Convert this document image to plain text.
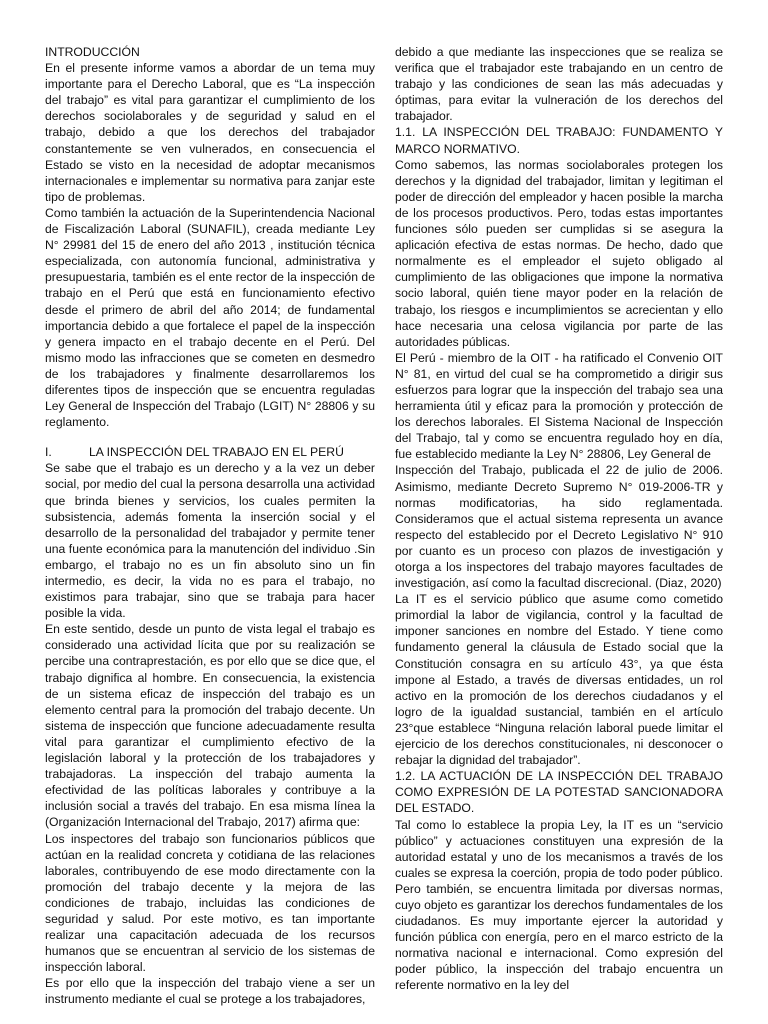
INTRODUCCIÓN

En el presente informe vamos a abordar de un tema muy importante para el Derecho Laboral, que es “La inspección del trabajo” es vital para garantizar el cumplimiento de los derechos sociolaborales y de seguridad y salud en el trabajo, debido a que los derechos del trabajador constantemente se ven vulnerados, en consecuencia el Estado se visto en la necesidad de adoptar mecanismos internacionales e implementar su normativa para zanjar este tipo de problemas.

Como también la actuación de la Superintendencia Nacional de Fiscalización Laboral (SUNAFIL), creada mediante Ley N° 29981 del 15 de enero del año 2013 , institución técnica especializada, con autonomía funcional, administrativa y presupuestaria, también es el ente rector de la inspección de trabajo en el Perú que está en funcionamiento efectivo desde el primero de abril del año 2014; de fundamental importancia debido a que fortalece el papel de la inspección y genera impacto en el trabajo decente en el Perú. Del mismo modo las infracciones que se cometen en desmedro de los trabajadores y finalmente desarrollaremos los diferentes tipos de inspección que se encuentra reguladas Ley General de Inspección del Trabajo (LGIT) N° 28806 y su reglamento.

I.	LA INSPECCIÓN DEL TRABAJO EN EL PERÚ

Se sabe que el trabajo es un derecho y a la vez un deber social, por medio del cual la persona desarrolla una actividad que brinda bienes y servicios, los cuales permiten la subsistencia, además fomenta la inserción social y el desarrollo de la personalidad del trabajador y permite tener una fuente económica para la manutención del individuo .Sin embargo, el trabajo no es un fin absoluto sino un fin intermedio, es decir, la vida no es para el trabajo, no existimos para trabajar, sino que se trabaja para hacer posible la vida.

En este sentido, desde un punto de vista legal el trabajo es considerado una actividad lícita que por su realización se percibe una contraprestación, es por ello que se dice que, el trabajo dignifica al hombre. En consecuencia, la existencia de un sistema eficaz de inspección del trabajo es un elemento central para la promoción del trabajo decente. Un sistema de inspección que funcione adecuadamente resulta vital para garantizar el cumplimiento efectivo de la legislación laboral y la protección de los trabajadores y trabajadoras. La inspección del trabajo aumenta la efectividad de las políticas laborales y contribuye a la inclusión social a través del trabajo. En esa misma línea la (Organización Internacional del Trabajo, 2017) afirma que:

Los inspectores del trabajo son funcionarios públicos que actúan en la realidad concreta y cotidiana de las relaciones laborales, contribuyendo de ese modo directamente con la promoción del trabajo decente y la mejora de las condiciones de trabajo, incluidas las condiciones de seguridad y salud. Por este motivo, es tan importante realizar una capacitación adecuada de los recursos humanos que se encuentran al servicio de los sistemas de inspección laboral.

Es por ello que la inspección del trabajo viene a ser un instrumento mediante el cual se protege a los trabajadores,

debido a que mediante las inspecciones que se realiza se verifica que el trabajador este trabajando en un centro de trabajo y las condiciones de sean las más adecuadas y óptimas, para evitar la vulneración de los derechos del trabajador.

1.1. LA INSPECCIÓN DEL TRABAJO: FUNDAMENTO Y MARCO NORMATIVO.

Como sabemos, las normas sociolaborales protegen los derechos y la dignidad del trabajador, limitan y legitiman el poder de dirección del empleador y hacen posible la marcha de los procesos productivos. Pero, todas estas importantes funciones sólo pueden ser cumplidas si se asegura la aplicación efectiva de estas normas. De hecho, dado que normalmente es el empleador el sujeto obligado al cumplimiento de las obligaciones que impone la normativa socio laboral, quién tiene mayor poder en la relación de trabajo, los riesgos e incumplimientos se acrecientan y ello hace necesaria una celosa vigilancia por parte de las autoridades públicas.

El Perú - miembro de la OIT - ha ratificado el Convenio OIT N° 81, en virtud del cual se ha comprometido a dirigir sus esfuerzos para lograr que la inspección del trabajo sea una herramienta útil y eficaz para la promoción y protección de los derechos laborales. El Sistema Nacional de Inspección del Trabajo, tal y como se encuentra regulado hoy en día, fue establecido mediante la Ley N° 28806, Ley General de

Inspección del Trabajo, publicada el 22 de julio de 2006. Asimismo, mediante Decreto Supremo N° 019-2006-TR y normas modificatorias, ha sido reglamentada. Consideramos que el actual sistema representa un avance respecto del establecido por el Decreto Legislativo N° 910 por cuanto es un proceso con plazos de investigación y otorga a los inspectores del trabajo mayores facultades de investigación, así como la facultad discrecional. (Diaz, 2020)

La IT es el servicio público que asume como cometido primordial la labor de vigilancia, control y la facultad de imponer sanciones en nombre del Estado. Y tiene como fundamento general la cláusula de Estado social que la Constitución consagra en su artículo 43°, ya que ésta impone al Estado, a través de diversas entidades, un rol activo en la promoción de los derechos ciudadanos y el logro de la igualdad sustancial, también en el artículo 23°que establece “Ninguna relación laboral puede limitar el ejercicio de los derechos constitucionales, ni desconocer o rebajar la dignidad del trabajador”.

1.2. LA ACTUACIÓN DE LA INSPECCIÓN DEL TRABAJO COMO EXPRESIÓN DE LA POTESTAD SANCIONADORA DEL ESTADO.

Tal como lo establece la propia Ley, la IT es un “servicio público” y actuaciones constituyen una expresión de la autoridad estatal y uno de los mecanismos a través de los cuales se expresa la coerción, propia de todo poder público. Pero también, se encuentra limitada por diversas normas, cuyo objeto es garantizar los derechos fundamentales de los ciudadanos. Es muy importante ejercer la autoridad y función pública con energía, pero en el marco estricto de la normativa nacional e internacional. Como expresión del poder público, la inspección del trabajo encuentra un referente normativo en la ley del
